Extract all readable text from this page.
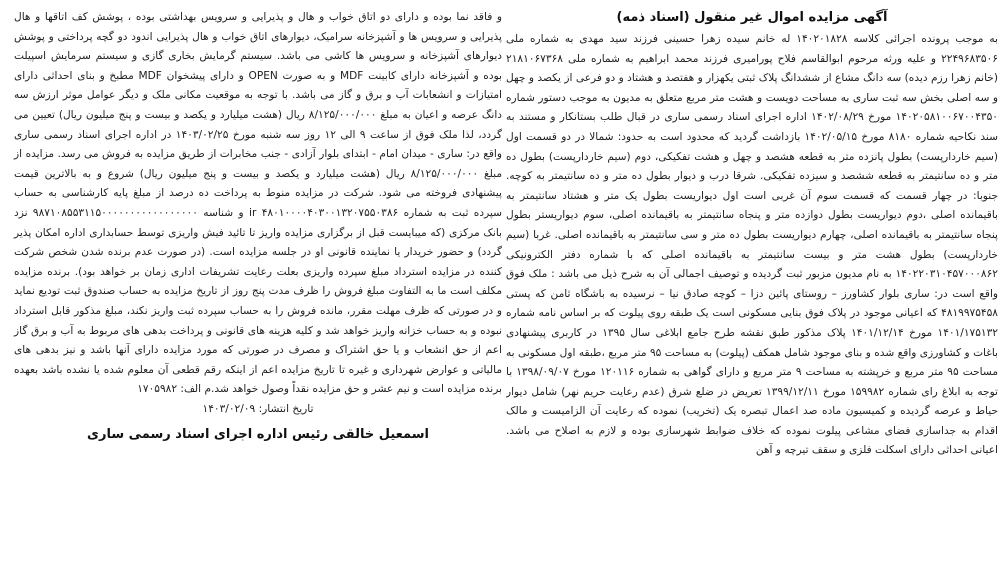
آگهی مزایده اموال غیر منقول (اسناد ذمه)

به موجب پرونده اجرائی کلاسه ۱۴۰۲۰۱۸۲۸ له خانم سیده زهرا حسینی فرزند سید مهدی به شماره ملی ۲۲۴۹۶۸۳۵۰۶ و علیه ورثه مرحوم ابوالقاسم فلاح پورامیری فرزند محمد ابراهیم به شماره ملی ۲۱۸۱۰۶۷۳۶۸ (خانم زهرا رزم دیده) سه دانگ مشاع از ششدانگ پلاک ثبتی یکهزار و هفتصد و هشتاد و دو فرعی از یکصد و چهل و سه اصلی بخش سه ثبت ساری به مساحت دویست و هشت متر مربع متعلق به مدیون به موجب دستور شماره ۱۴۰۲۰۵۸۱۰۰۶۷۰۰۴۳۵۰ مورخ ۱۴۰۲/۰۸/۲۹ اداره اجرای اسناد رسمی ساری در قبال طلب بستانکار و مستند به سند نکاحیه شماره ۸۱۸۰ مورخ ۱۴۰۲/۰۵/۱۵ بازداشت گردید که محدود است به حدود: شمالا در دو قسمت اول (سیم خاردارپست) بطول پانزده متر به قطعه هشصد و چهل و هشت تفکیکی، دوم (سیم خاردارپست) بطول ده متر و ده سانتیمتر به قطعه ششصد و سیزده تفکیکی. شرقا درب و دیوار بطول ده متر و ده سانتیمتر به کوچه. جنوبا: در چهار قسمت که قسمت سوم آن غربی است اول دیواریست بطول یک متر و هشتاد سانتیمتر به باقیمانده اصلی ،دوم دیواریست بطول دوازده متر و پنجاه سانتیمتر به باقیمانده اصلی، سوم دیواریستر بطول پنجاه سانتیمتر به باقیمانده اصلی، چهارم دیواریست بطول ده متر و سی سانتیمتر به باقیمانده اصلی. غربا (سیم خاردارپست) بطول هشت متر و بیست سانتیمتر به باقیمانده اصلی که با شماره دفتر الکترونیکی ۱۴۰۲۲۰۳۱۰۴۵۷۰۰۰۸۶۲ به نام مدیون مزبور ثبت گردیده و توصیف اجمالی آن به شرح ذیل می باشد : ملک فوق واقع است در: ساری بلوار کشاورز – روستای پائین دزا – کوچه صادق نیا – نرسیده به باشگاه ثامن که پستی ۴۸۱۹۹۷۵۴۵۸ که اعیانی موجود در پلاک فوق بنایی مسکونی است یک طبقه روی پیلوت که بر اساس نامه شماره ۱۴۰۱/۱۷۵۱۳۲ مورخ ۱۴۰۱/۱۲/۱۴ پلاک مذکور طبق نقشه طرح جامع ابلاغی سال ۱۳۹۵ در کاربری پیشنهادی باغات و کشاورزی واقع شده و بنای موجود شامل همکف (پیلوت) به مساحت ۹۵ متر مربع ،طبقه اول مسکونی به مساحت ۹۵ متر مربع و خرپشته به مساحت ۹ متر مربع و دارای گواهی به شماره ۱۲۰۱۱۶ مورخ ۱۳۹۸/۰۹/۰۷ با توجه به ابلاغ رای شماره ۱۵۹۹۸۲ مورخ ۱۳۹۹/۱۲/۱۱ تعریض در ضلع شرق (عدم رعایت حریم نهر) شامل دیوار حیاط و عرصه گردیده و کمیسیون ماده صد اعمال تبصره یک (تخریب) نموده که رعایت آن الزامیست و مالک اقدام به جداسازی فضای مشاعی پیلوت نموده که خلاف ضوابط شهرسازی بوده و لازم به اصلاح می باشد. اعیانی احداثی دارای اسکلت فلزی و سقف تیرچه و آهن

و فاقد نما بوده و دارای دو اتاق خواب و هال و پذیرایی و سرویس بهداشتی بوده ، پوشش کف اتاقها و هال پذیرایی و سرویس ها و آشپزخانه سرامیک، دیوارهای اتاق خواب و هال پذیرایی اندود دو گچه پرداختی و پوشش دیوارهای آشپزخانه و سرویس ها کاشی می باشد. سیستم گرمایش بخاری گازی و سیستم سرمایش اسپیلت بوده و آشپزخانه دارای کابینت MDF و به صورت OPEN و دارای پیشخوان MDF مطبخ و بنای احداثی دارای امتیازات و انشعابات آب و برق و گاز می باشد. با توجه به موقعیت مکانی ملک و دیگر عوامل موثر ارزش سه دانگ عرصه و اعیان به مبلغ ۸/۱۲۵/۰۰۰/۰۰۰ ریال (هشت میلیارد و یکصد و بیست و پنج میلیون ریال) تعیین می گردد، لذا ملک فوق از ساعت ۹ الی ۱۲ روز سه شنبه مورخ ۱۴۰۳/۰۲/۲۵ در اداره اجرای اسناد رسمی ساری واقع در: ساری - میدان امام - ابتدای بلوار آزادی - جنب مخابرات از طریق مزایده به فروش می رسد. مزایده از مبلغ ۸/۱۲۵/۰۰۰/۰۰۰ ریال (هشت میلیارد و یکصد و بیست و پنج میلیون ریال) شروع و به بالاترین قیمت پیشنهادی فروخته می شود. شرکت در مزایده منوط به پرداخت ده درصد از مبلغ پایه کارشناسی به حساب سپرده ثبت به شماره ۴۸۰۱۰۰۰۰۴۰۳۰۰۱۳۲۰۷۵۵۰۳۸۶ ir و شناسه ۹۸۷۱۰۸۵۵۳۱۱۵۰۰۰۰۰۰۰۰۰۰۰۰۰۰۰۰۰ نزد بانک مرکزی (که میبایست قبل از برگزاری مزایده واریز تا تائید فیش واریزی توسط حسابداری اداره امکان پذیر گردد) و حضور خریدار یا نماینده قانونی او در جلسه مزایده است. (در صورت عدم برنده شدن شخص شرکت کننده در مزایده استرداد مبلغ سپرده واریزی بعلت رعایت تشریفات اداری زمان بر خواهد بود). برنده مزایده مکلف است ما به التفاوت مبلغ فروش را ظرف مدت پنج روز از تاریخ مزایده به حساب صندوق ثبت تودیع نماید و در صورتی که ظرف مهلت مقرر، مانده فروش را به حساب سپرده ثبت واریز نکند، مبلغ مذکور قابل استرداد نبوده و به حساب خزانه واریز خواهد شد و کلیه هزینه های قانونی و پرداخت بدهی های مربوط به آب و برق گاز اعم از حق انشعاب و یا حق اشتراک و مصرف در صورتی که مورد مزایده دارای آنها باشد و نیز بدهی های مالیاتی و عوارض شهرداری و غیره تا تاریخ مزایده اعم از اینکه رقم قطعی آن معلوم شده یا نشده باشد بعهده برنده مزایده است و نیم عشر و حق مزایده نقداً وصول خواهد شد.م الف: ۱۷۰۵۹۸۲

تاریخ انتشار: ۱۴۰۳/۰۲/۰۹

اسمعیل خالقی رئیس اداره اجرای اسناد رسمی ساری
